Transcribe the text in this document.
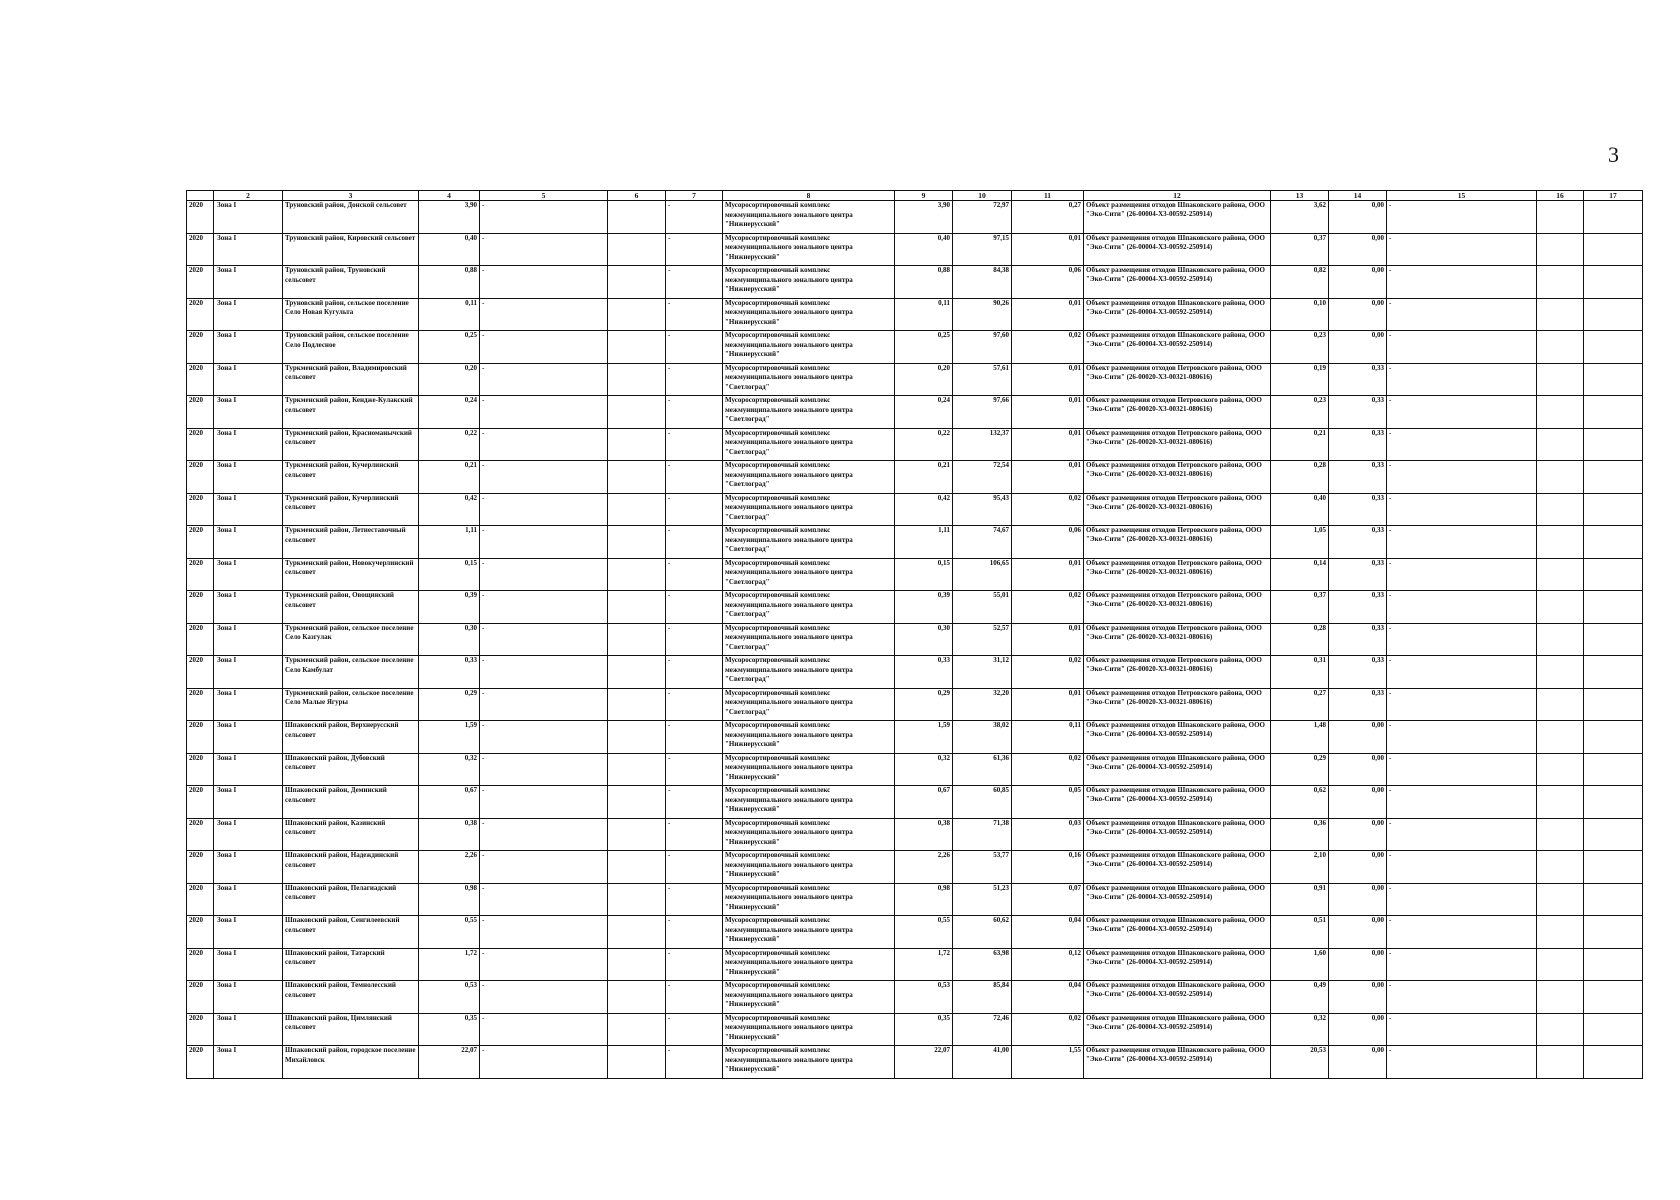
3
	2	3	4	5	6	7	8	9	10	11	12	13	14	15	16	17
2020	Зона I	Труновский район, Донской сельсовет	3,90	-		-	Мусоросортировочный комплекс межмуниципального зонального центра "Нижнерусский"	3,90	72,97	0,27	Объект размещения отходов Шпаковского района, ООО "Эко-Сити" (26-00004-Х3-00592-250914)	3,62	0,00	-		
2020	Зона I	Труновский район, Кировский сельсовет	0,40	-		-	Мусоросортировочный комплекс межмуниципального зонального центра "Нижнерусский"	0,40	97,15	0,01	Объект размещения отходов Шпаковского района, ООО "Эко-Сити" (26-00004-Х3-00592-250914)	0,37	0,00	-		
2020	Зона I	Труновский район, Труновский сельсовет	0,88	-		-	Мусоросортировочный комплекс межмуниципального зонального центра "Нижнерусский"	0,88	84,38	0,06	Объект размещения отходов Шпаковского района, ООО "Эко-Сити" (26-00004-Х3-00592-250914)	0,82	0,00	-		
2020	Зона I	Труновский район, сельское поселение Село Новая Кугульта	0,11	-		-	Мусоросортировочный комплекс межмуниципального зонального центра "Нижнерусский"	0,11	90,26	0,01	Объект размещения отходов Шпаковского района, ООО "Эко-Сити" (26-00004-Х3-00592-250914)	0,10	0,00	-		
2020	Зона I	Труновский район, сельское поселение Село Подлесное	0,25	-		-	Мусоросортировочный комплекс межмуниципального зонального центра "Нижнерусский"	0,25	97,60	0,02	Объект размещения отходов Шпаковского района, ООО "Эко-Сити" (26-00004-Х3-00592-250914)	0,23	0,00	-		
2020	Зона I	Туркменский район, Владимировский сельсовет	0,20	-		-	Мусоросортировочный комплекс межмуниципального зонального центра "Светлоград"	0,20	57,61	0,01	Объект размещения отходов Петровского района, ООО "Эко-Сити" (26-00020-Х3-00321-080616)	0,19	0,33	-		
2020	Зона I	Туркменский район, Кендже-Кулакский сельсовет	0,24	-		-	Мусоросортировочный комплекс межмуниципального зонального центра "Светлоград"	0,24	97,66	0,01	Объект размещения отходов Петровского района, ООО "Эко-Сити" (26-00020-Х3-00321-080616)	0,23	0,33	-		
2020	Зона I	Туркменский район, Красноманычский сельсовет	0,22	-		-	Мусоросортировочный комплекс межмуниципального зонального центра "Светлоград"	0,22	132,37	0,01	Объект размещения отходов Петровского района, ООО "Эко-Сити" (26-00020-Х3-00321-080616)	0,21	0,33	-		
2020	Зона I	Туркменский район, Кучерлинский сельсовет	0,21	-		-	Мусоросортировочный комплекс межмуниципального зонального центра "Светлоград"	0,21	72,54	0,01	Объект размещения отходов Петровского района, ООО "Эко-Сити" (26-00020-Х3-00321-080616)	0,28	0,33	-		
2020	Зона I	Туркменский район, Кучерлинский сельсовет	0,42	-		-	Мусоросортировочный комплекс межмуниципального зонального центра "Светлоград"	0,42	95,43	0,02	Объект размещения отходов Петровского района, ООО "Эко-Сити" (26-00020-Х3-00321-080616)	0,40	0,33	-		
2020	Зона I	Туркменский район, Летнеставочный сельсовет	1,11	-		-	Мусоросортировочный комплекс межмуниципального зонального центра "Светлоград"	1,11	74,67	0,06	Объект размещения отходов Петровского района, ООО "Эко-Сити" (26-00020-Х3-00321-080616)	1,05	0,33	-		
2020	Зона I	Туркменский район, Новокучерлинский сельсовет	0,15	-		-	Мусоросортировочный комплекс межмуниципального зонального центра "Светлоград"	0,15	106,65	0,01	Объект размещения отходов Петровского района, ООО "Эко-Сити" (26-00020-Х3-00321-080616)	0,14	0,33	-		
2020	Зона I	Туркменский район, Овощинский сельсовет	0,39	-		-	Мусоросортировочный комплекс межмуниципального зонального центра "Светлоград"	0,39	55,01	0,02	Объект размещения отходов Петровского района, ООО "Эко-Сити" (26-00020-Х3-00321-080616)	0,37	0,33	-		
2020	Зона I	Туркменский район, сельское поселение Село Казгулак	0,30	-		-	Мусоросортировочный комплекс межмуниципального зонального центра "Светлоград"	0,30	52,57	0,01	Объект размещения отходов Петровского района, ООО "Эко-Сити" (26-00020-Х3-00321-080616)	0,28	0,33	-		
2020	Зона I	Туркменский район, сельское поселение Село Камбулат	0,33	-		-	Мусоросортировочный комплекс межмуниципального зонального центра "Светлоград"	0,33	31,12	0,02	Объект размещения отходов Петровского района, ООО "Эко-Сити" (26-00020-Х3-00321-080616)	0,31	0,33	-		
2020	Зона I	Туркменский район, сельское поселение Село Малые Ягуры	0,29	-		-	Мусоросортировочный комплекс межмуниципального зонального центра "Светлоград"	0,29	32,20	0,01	Объект размещения отходов Петровского района, ООО "Эко-Сити" (26-00020-Х3-00321-080616)	0,27	0,33	-		
2020	Зона I	Шпаковский район, Верхнерусский сельсовет	1,59	-		-	Мусоросортировочный комплекс межмуниципального зонального центра "Нижнерусский"	1,59	38,02	0,11	Объект размещения отходов Шпаковского района, ООО "Эко-Сити" (26-00004-Х3-00592-250914)	1,48	0,00	-		
2020	Зона I	Шпаковский район, Дубовский сельсовет	0,32	-		-	Мусоросортировочный комплекс межмуниципального зонального центра "Нижнерусский"	0,32	61,36	0,02	Объект размещения отходов Шпаковского района, ООО "Эко-Сити" (26-00004-Х3-00592-250914)	0,29	0,00	-		
2020	Зона I	Шпаковский район, Деминский сельсовет	0,67	-		-	Мусоросортировочный комплекс межмуниципального зонального центра "Нижнерусский"	0,67	60,85	0,05	Объект размещения отходов Шпаковского района, ООО "Эко-Сити" (26-00004-Х3-00592-250914)	0,62	0,00	-		
2020	Зона I	Шпаковский район, Казинский сельсовет	0,38	-		-	Мусоросортировочный комплекс межмуниципального зонального центра "Нижнерусский"	0,38	71,38	0,03	Объект размещения отходов Шпаковского района, ООО "Эко-Сити" (26-00004-Х3-00592-250914)	0,36	0,00	-		
2020	Зона I	Шпаковский район, Надеждинский сельсовет	2,26	-		-	Мусоросортировочный комплекс межмуниципального зонального центра "Нижнерусский"	2,26	53,77	0,16	Объект размещения отходов Шпаковского района, ООО "Эко-Сити" (26-00004-Х3-00592-250914)	2,10	0,00	-		
2020	Зона I	Шпаковский район, Пелагиадский сельсовет	0,98	-		-	Мусоросортировочный комплекс межмуниципального зонального центра "Нижнерусский"	0,98	51,23	0,07	Объект размещения отходов Шпаковского района, ООО "Эко-Сити" (26-00004-Х3-00592-250914)	0,91	0,00	-		
2020	Зона I	Шпаковский район, Сенгилеевский сельсовет	0,55	-		-	Мусоросортировочный комплекс межмуниципального зонального центра "Нижнерусский"	0,55	60,62	0,04	Объект размещения отходов Шпаковского района, ООО "Эко-Сити" (26-00004-Х3-00592-250914)	0,51	0,00	-		
2020	Зона I	Шпаковский район, Татарский сельсовет	1,72	-		-	Мусоросортировочный комплекс межмуниципального зонального центра "Нижнерусский"	1,72	63,98	0,12	Объект размещения отходов Шпаковского района, ООО "Эко-Сити" (26-00004-Х3-00592-250914)	1,60	0,00	-		
2020	Зона I	Шпаковский район, Темнолесский сельсовет	0,53	-		-	Мусоросортировочный комплекс межмуниципального зонального центра "Нижнерусский"	0,53	85,84	0,04	Объект размещения отходов Шпаковского района, ООО "Эко-Сити" (26-00004-Х3-00592-250914)	0,49	0,00	-		
2020	Зона I	Шпаковский район, Цимлянский сельсовет	0,35	-		-	Мусоросортировочный комплекс межмуниципального зонального центра "Нижнерусский"	0,35	72,46	0,02	Объект размещения отходов Шпаковского района, ООО "Эко-Сити" (26-00004-Х3-00592-250914)	0,32	0,00	-		
2020	Зона I	Шпаковский район, городское поселение Михайловск	22,07	-		-	Мусоросортировочный комплекс межмуниципального зонального центра "Нижнерусский"	22,07	41,00	1,55	Объект размещения отходов Шпаковского района, ООО "Эко-Сити" (26-00004-Х3-00592-250914)	20,53	0,00	-		
